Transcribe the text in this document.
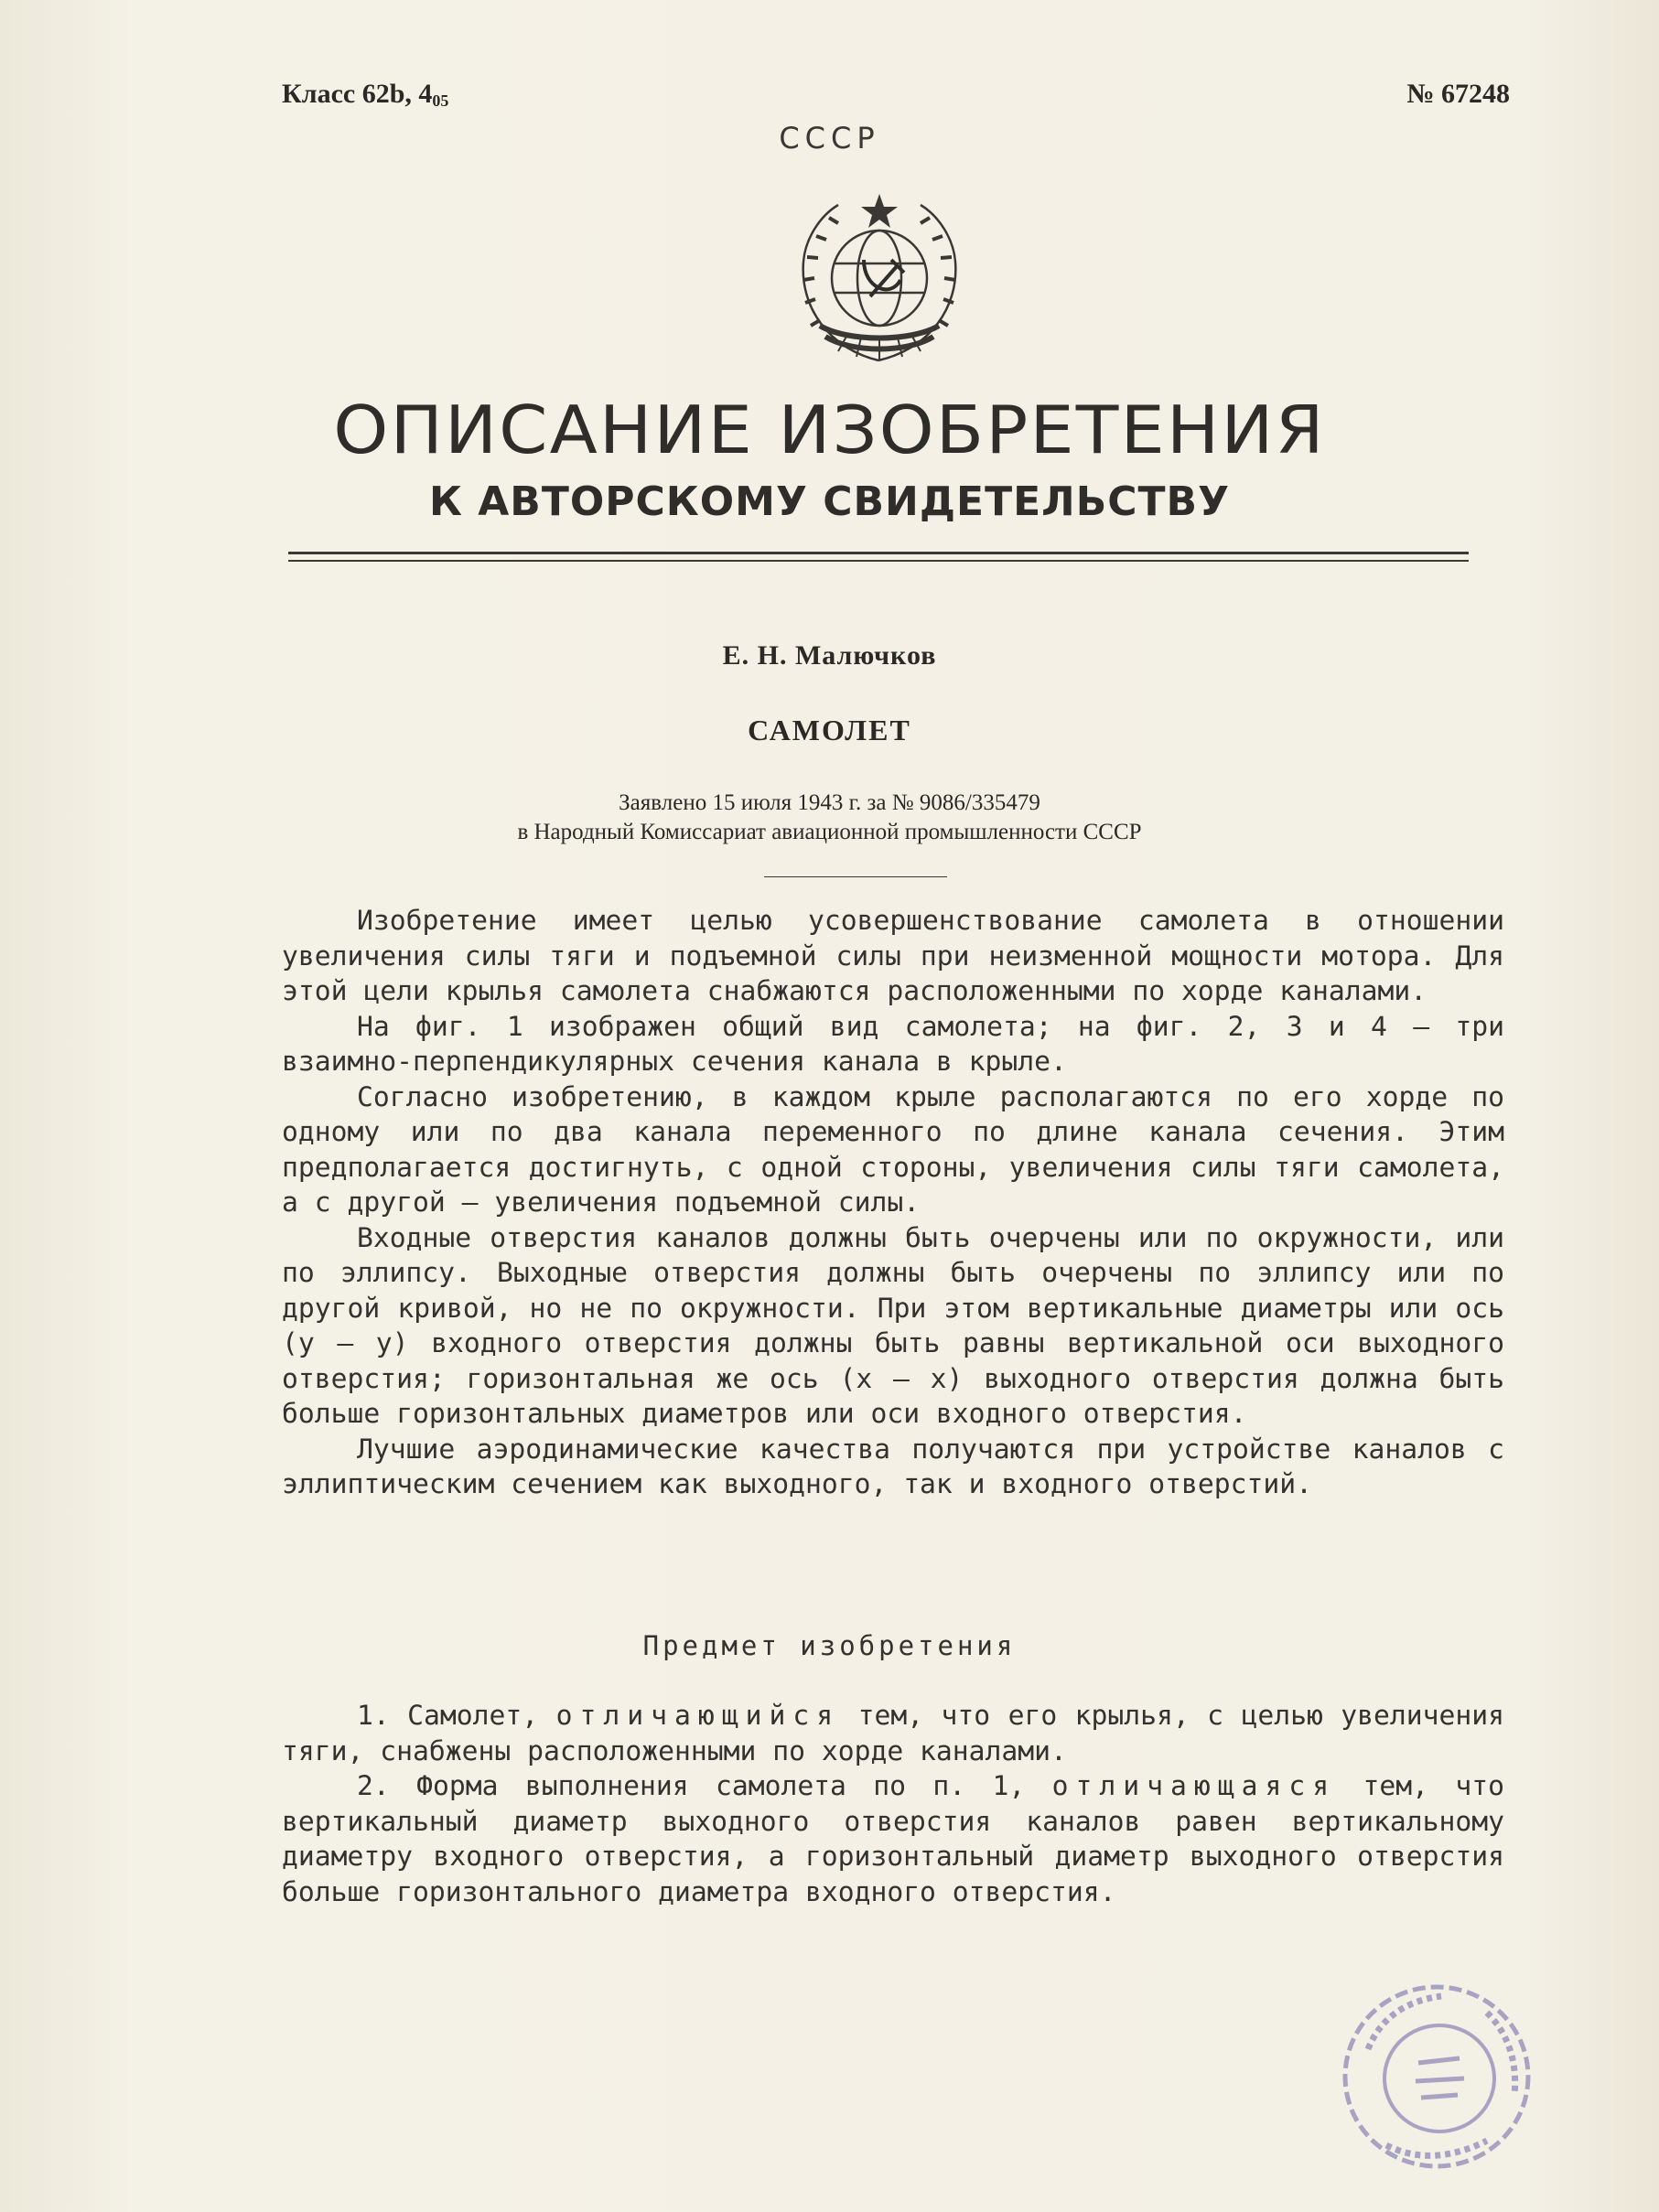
Класс 62b, $4_{05}$	№ 67248
СССР
ОПИСАНИЕ ИЗОБРЕТЕНИЯ
К АВТОРСКОМУ СВИДЕТЕЛЬСТВУ
Е. Н. Малючков
САМОЛЕТ
Заявлено 15 июля 1943 г. за № 9086/335479
в Народный Комиссариат авиационной промышленности СССР

Изобретение имеет целью усовершенствование самолета в отношении увеличения силы тяги и подъемной силы при неизменной мощности мотора. Для этой цели крылья самолета снабжаются расположенными по хорде каналами.

На фиг. 1 изображен общий вид самолета; на фиг. 2, 3 и 4 — три взаимно-перпендикулярных сечения канала в крыле.

Согласно изобретению, в каждом крыле располагаются по его хорде по одному или по два канала переменного по длине канала сечения. Этим предполагается достигнуть, с одной стороны, увеличения силы тяги самолета, а с другой — увеличения подъемной силы.

Входные отверстия каналов должны быть очерчены или по окружности, или по эллипсу. Выходные отверстия должны быть очерчены по эллипсу или по другой кривой, но не по окружности. При этом вертикальные диаметры или ось (у — у) входного отверстия должны быть равны вертикальной оси выходного отверстия; горизонтальная же ось (х — х) выходного отверстия должна быть больше горизонтальных диаметров или оси входного отверстия.

Лучшие аэродинамические качества получаются при устройстве каналов с эллиптическим сечением как выходного, так и входного отверстий.

Предмет изобретения

1. Самолет, отличающийся тем, что его крылья, с целью увеличения тяги, снабжены расположенными по хорде каналами.

2. Форма выполнения самолета по п. 1, отличающаяся тем, что вертикальный диаметр выходного отверстия каналов равен вертикальному диаметру входного отверстия, а горизонтальный диаметр выходного отверстия больше горизонтального диаметра входного отверстия.
